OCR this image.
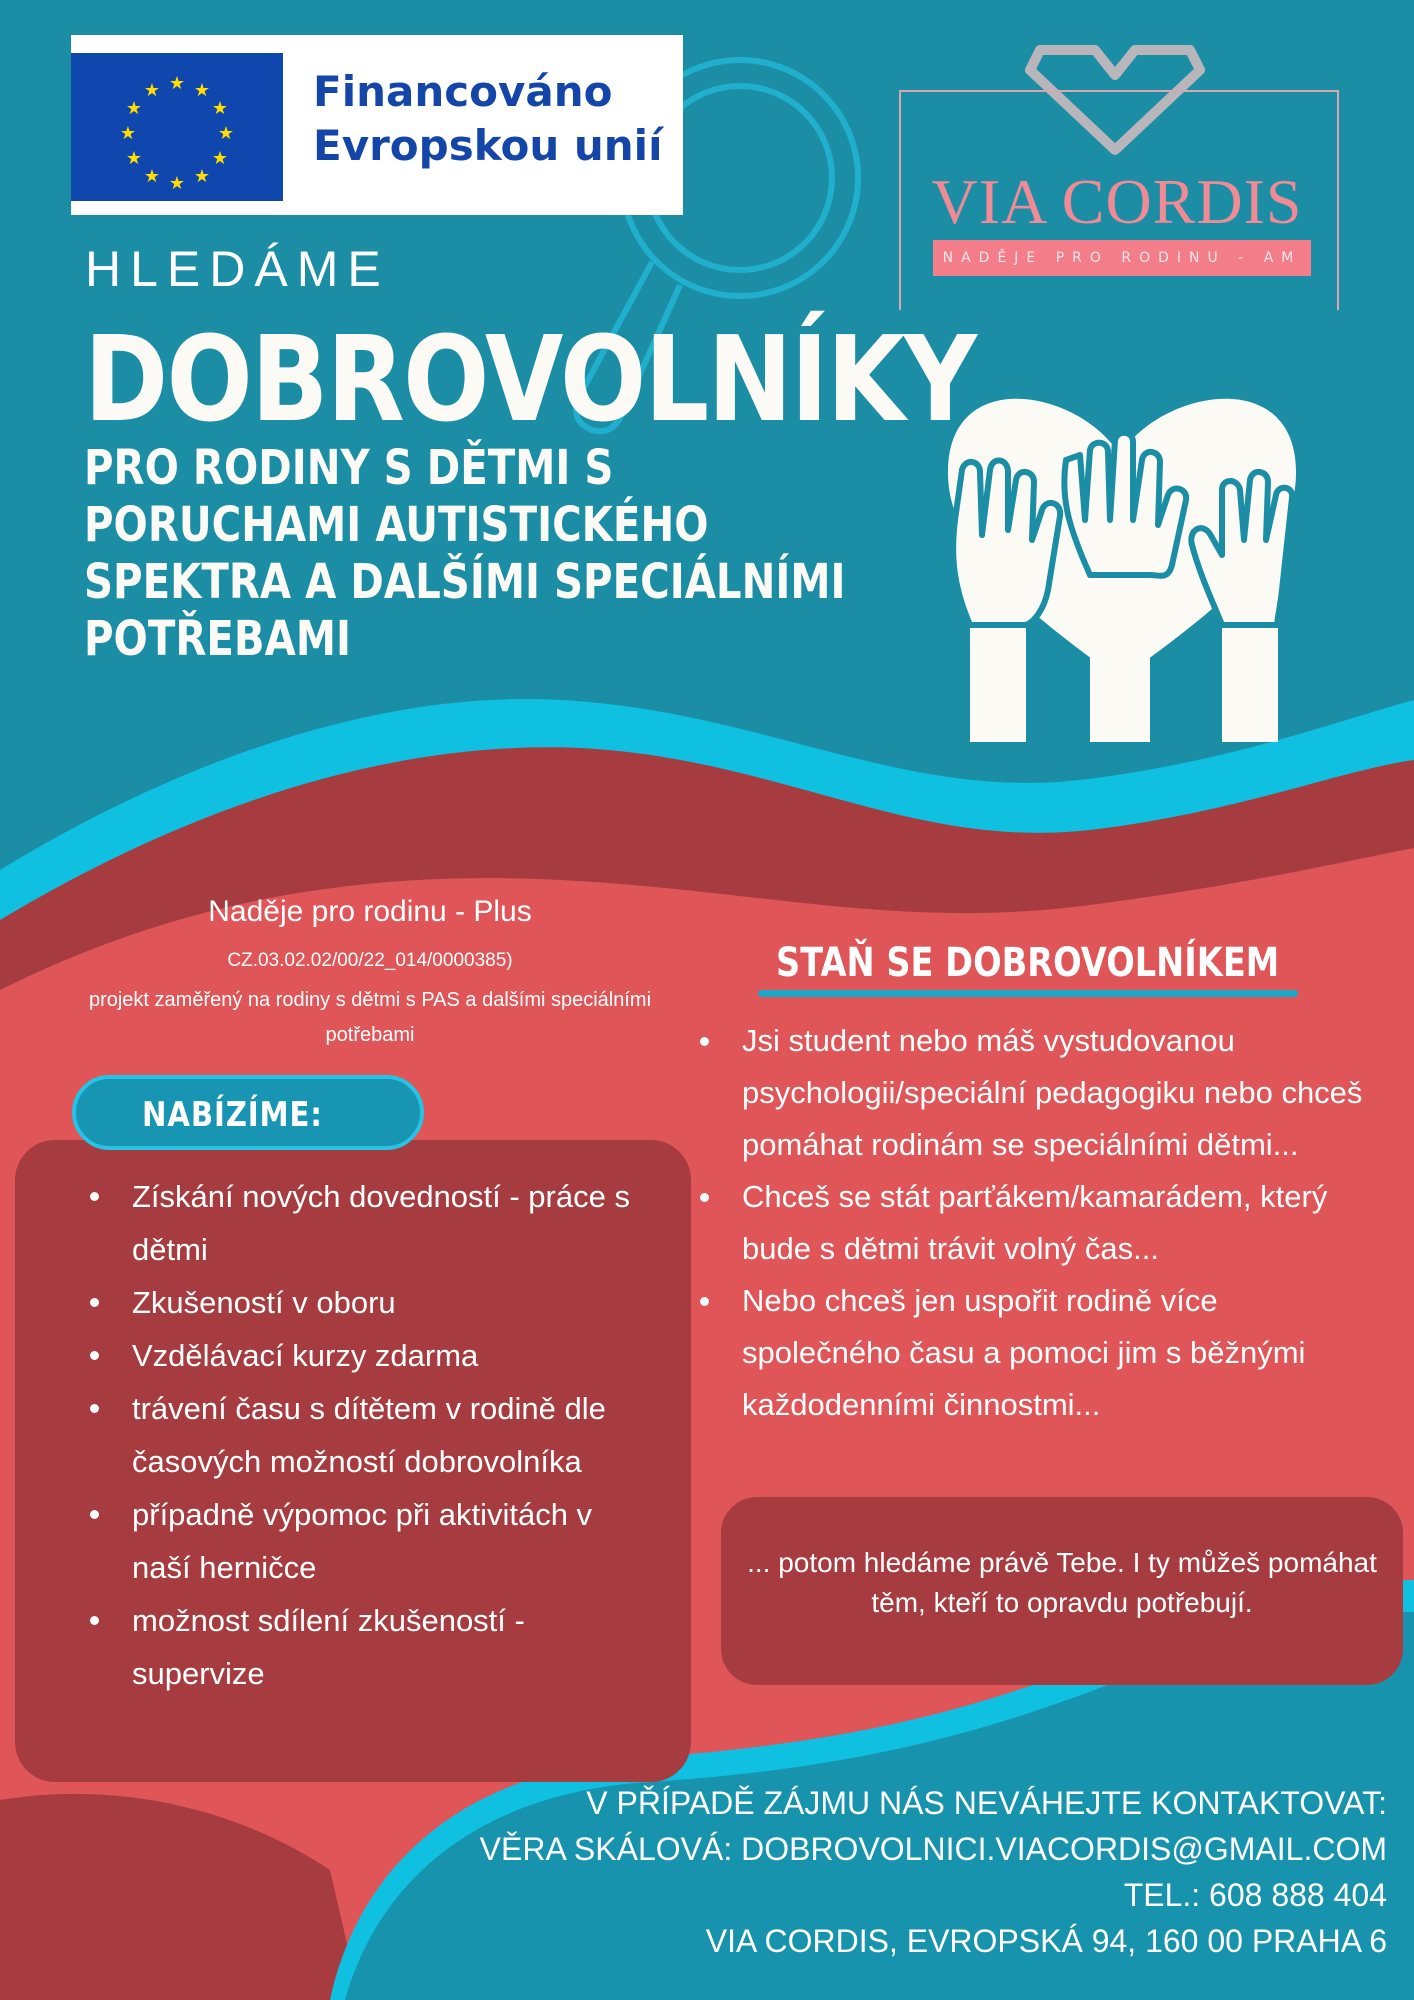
★ ★
★
★
★
★
★
★
★
★
★
★	Financováno
Evropskou unií
VIA CORDIS
NADĚJE PRO RODINU - AM
HLEDÁME
DOBROVOLNÍKY
PRO RODINY S DĚTMI S PORUCHAMI AUTISTICKÉHO SPEKTRA A DALŠÍMI SPECIÁLNÍMI POTŘEBAMI
Naděje pro rodinu - Plus
CZ.03.02.02/00/22_014/0000385)
projekt zaměřený na rodiny s dětmi s PAS a dalšími speciálními potřebami
NABÍZÍME:
Získání nových dovedností - práce s dětmi
Zkušeností v oboru
Vzdělávací kurzy zdarma
trávení času s dítětem v rodině dle časových možností dobrovolníka
případně výpomoc při aktivitách v naší herničce
možnost sdílení zkušeností - supervize
STAŇ SE DOBROVOLNÍKEM
Jsi student nebo máš vystudovanou psychologii/speciální pedagogiku nebo chceš pomáhat rodinám se speciálními dětmi...
Chceš se stát parťákem/kamarádem, který bude s dětmi trávit volný čas...
Nebo chceš jen uspořit rodině více společného času a pomoci jim s běžnými každodenními činnostmi...
... potom hledáme právě Tebe. I ty můžeš pomáhat těm, kteří to opravdu potřebují.
V PŘÍPADĚ ZÁJMU NÁS NEVÁHEJTE KONTAKTOVAT:
VĚRA SKÁLOVÁ: DOBROVOLNICI.VIACORDIS@GMAIL.COM
TEL.: 608 888 404
VIA CORDIS, EVROPSKÁ 94, 160 00 PRAHA 6
